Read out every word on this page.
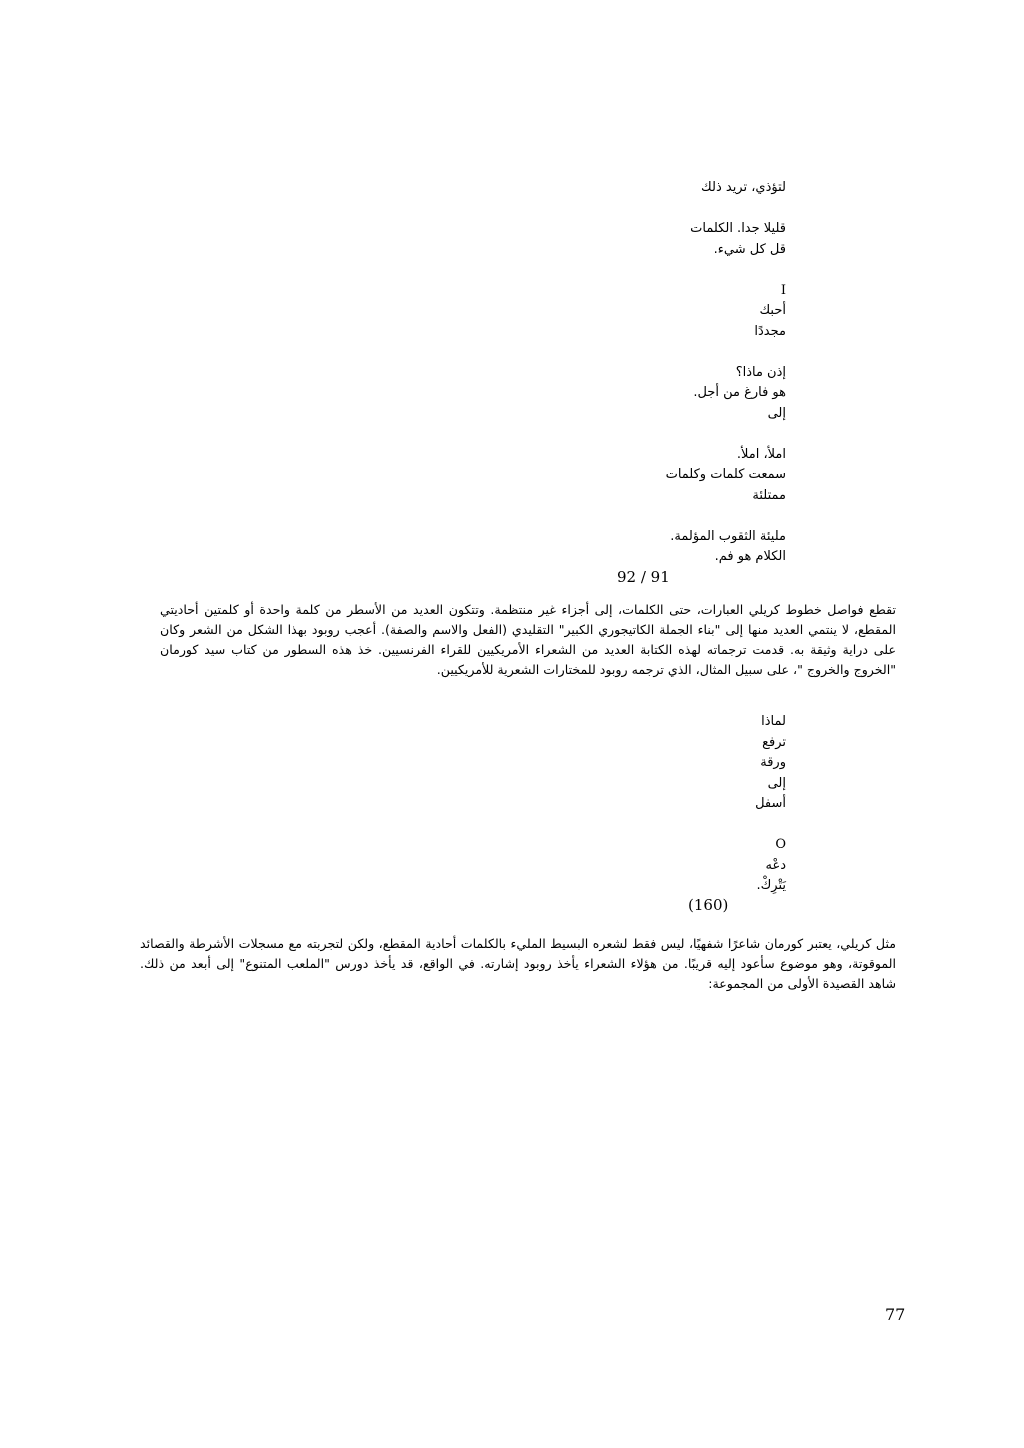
لتؤذي، تريد ذلك
قليلا جدا. الكلمات
قل كل شيء.
I
أحبك
مجددًا
إذن ماذا؟
هو فارغ من أجل.
إلى
املأ، املأ.
سمعت كلمات وكلمات
ممتلئة
مليئة الثقوب المؤلمة.
الكلام هو فم.
92 / 91

تقطع فواصل خطوط كريلي العبارات، حتى الكلمات، إلى أجزاء غير منتظمة. وتتكون العديد من الأسطر من كلمة واحدة أو كلمتين أحاديتي المقطع، لا ينتمي العديد منها إلى "بناء الجملة الكاتيجوري الكبير" التقليدي (الفعل والاسم والصفة). أعجب روبود بهذا الشكل من الشعر وكان على دراية وثيقة به. قدمت ترجماته لهذه الكتابة العديد من الشعراء الأمريكيين للقراء الفرنسيين. خذ هذه السطور من كتاب سيد كورمان "الخروج والخروج "، على سبيل المثال، الذي ترجمه روبود للمختارات الشعرية للأمريكيين.

لماذا
ترفع
ورقة
إلى
أسفل
O
دعْه
يَتْرِكْ.
(160)

مثل كريلي، يعتبر كورمان شاعرًا شفهيًا، ليس فقط لشعره البسيط المليء بالكلمات أحادية المقطع، ولكن لتجربته مع مسجلات الأشرطة والقصائد الموقوتة، وهو موضوع سأعود إليه قريبًا. من هؤلاء الشعراء يأخذ روبود إشارته. في الواقع، قد يأخذ دورس "الملعب المتنوع" إلى أبعد من ذلك. شاهد القصيدة الأولى من المجموعة:

77
